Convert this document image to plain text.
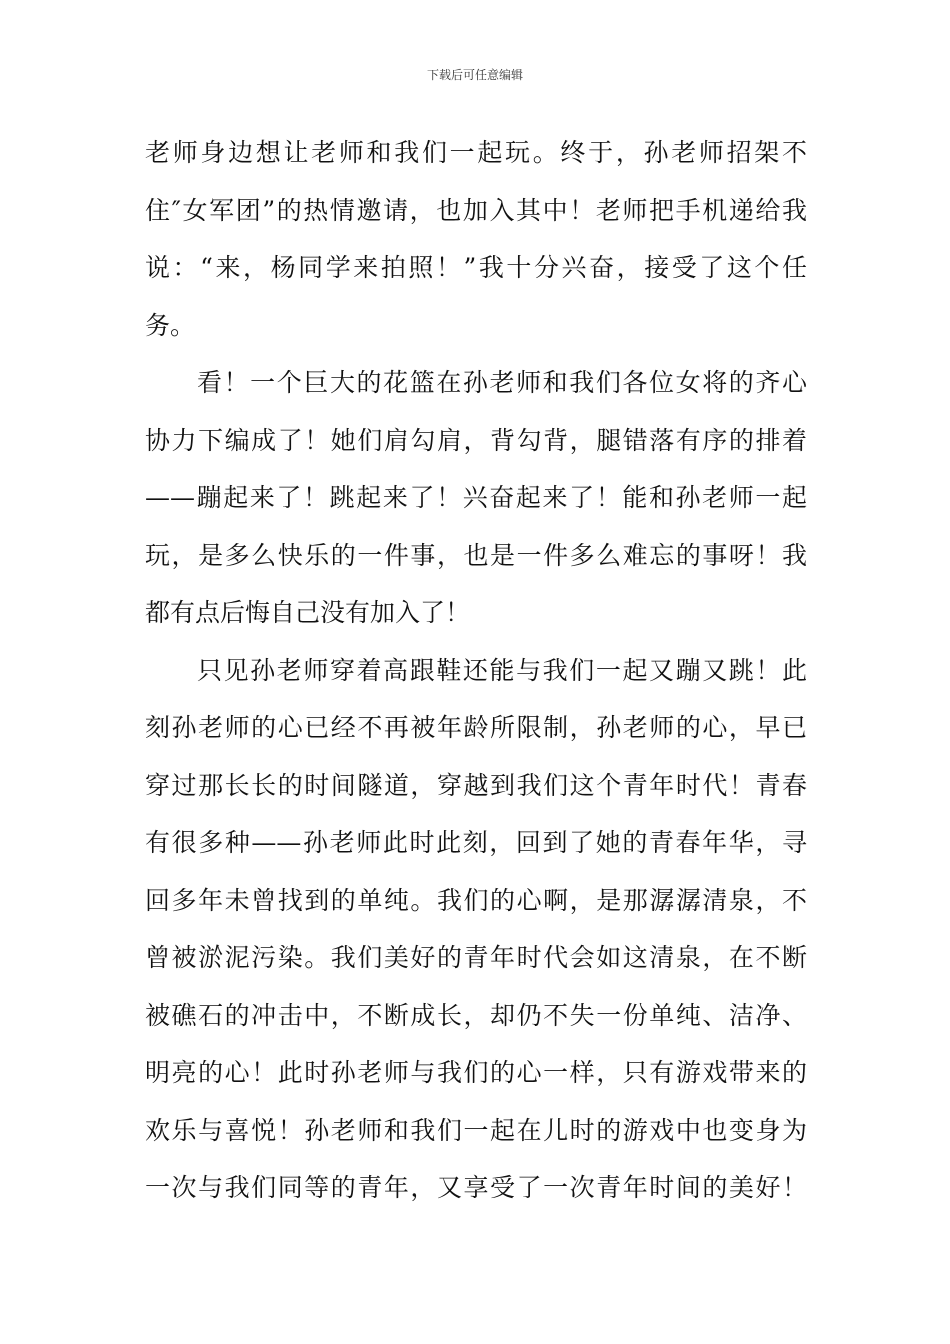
下载后可任意编辑
老师身边想让老师和我们一起玩。终于，孙老师招架不
住″女军团”的热情邀请，也加入其中！老师把手机递给我
说：“来，杨同学来拍照！”我十分兴奋，接受了这个任
务。
看！一个巨大的花篮在孙老师和我们各位女将的齐心
协力下编成了！她们肩勾肩，背勾背，腿错落有序的排着
——蹦起来了！跳起来了！兴奋起来了！能和孙老师一起
玩，是多么快乐的一件事，也是一件多么难忘的事呀！我
都有点后悔自己没有加入了！
只见孙老师穿着高跟鞋还能与我们一起又蹦又跳！此
刻孙老师的心已经不再被年龄所限制，孙老师的心，早已
穿过那长长的时间隧道，穿越到我们这个青年时代！青春
有很多种——孙老师此时此刻，回到了她的青春年华，寻
回多年未曾找到的单纯。我们的心啊，是那潺潺清泉，不
曾被淤泥污染。我们美好的青年时代会如这清泉，在不断
被礁石的冲击中，不断成长，却仍不失一份单纯、洁净、
明亮的心！此时孙老师与我们的心一样，只有游戏带来的
欢乐与喜悦！孙老师和我们一起在儿时的游戏中也变身为
一次与我们同等的青年，又享受了一次青年时间的美好！
